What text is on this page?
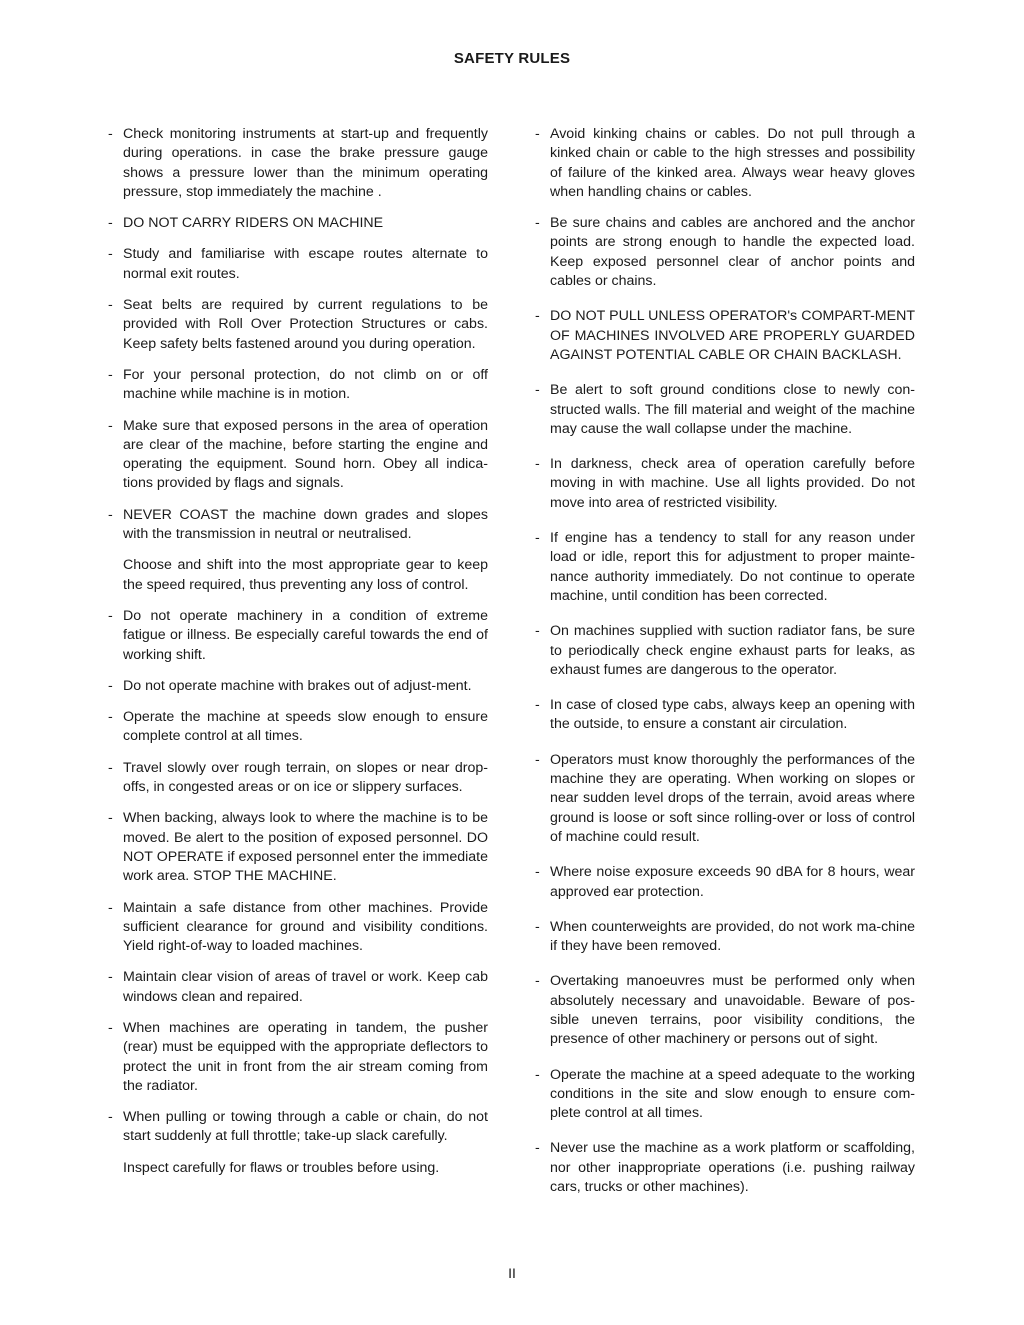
SAFETY RULES
- Check monitoring instruments at start-up and frequently during operations. in case the brake pressure gauge shows a pressure lower than the minimum operating pressure, stop immediately the machine .
- DO NOT CARRY RIDERS ON MACHINE
- Study and familiarise with escape routes alternate to normal exit routes.
- Seat belts are required by current regulations to be provided with Roll Over Protection Structures or cabs. Keep safety belts fastened around you during operation.
- For your personal protection, do not climb on or off machine while machine is in motion.
- Make sure that exposed persons in the area of operation are clear of the machine, before starting the engine and operating the equipment. Sound horn. Obey all indica-tions provided by flags and signals.
- NEVER COAST the machine down grades and slopes with the transmission in neutral or neutralised.
Choose and shift into the most appropriate gear to keep the speed required, thus preventing any loss of control.
- Do not operate machinery in a condition of extreme fatigue or illness. Be especially careful towards the end of working shift.
- Do not operate machine with brakes out of adjust-ment.
- Operate the machine at speeds slow enough to ensure complete control at all times.
- Travel slowly over rough terrain, on slopes or near drop-offs, in congested areas or on ice or slippery surfaces.
- When backing, always look to where the machine is to be moved. Be alert to the position of exposed personnel. DO NOT OPERATE if exposed personnel enter the immediate work area. STOP THE MACHINE.
- Maintain a safe distance from other machines. Provide sufficient clearance for ground and visibility conditions. Yield right-of-way to loaded machines.
- Maintain clear vision of areas of travel or work. Keep cab windows clean and repaired.
- When machines are operating in tandem, the pusher (rear) must be equipped with the appropriate deflectors to protect the unit in front from the air stream coming from the radiator.
- When pulling or towing through a cable or chain, do not start suddenly at full throttle; take-up slack carefully.
Inspect carefully for flaws or troubles before using.
- Avoid kinking chains or cables. Do not pull through a kinked chain or cable to the high stresses and possibility of failure of the kinked area. Always wear heavy gloves when handling chains or cables.
- Be sure chains and cables are anchored and the anchor points are strong enough to handle the expected load. Keep exposed personnel clear of anchor points and cables or chains.
- DO NOT PULL UNLESS OPERATOR's COMPART-MENT OF MACHINES INVOLVED ARE PROPERLY GUARDED AGAINST POTENTIAL CABLE OR CHAIN BACKLASH.
- Be alert to soft ground conditions close to newly con-structed walls. The fill material and weight of the machine may cause the wall collapse under the machine.
- In darkness, check area of operation carefully before moving in with machine. Use all lights provided. Do not move into area of restricted visibility.
- If engine has a tendency to stall for any reason under load or idle, report this for adjustment to proper mainte-nance authority immediately. Do not continue to operate machine, until condition has been corrected.
- On machines supplied with suction radiator fans, be sure to periodically check engine exhaust parts for leaks, as exhaust fumes are dangerous to the operator.
- In case of closed type cabs, always keep an opening with the outside, to ensure a constant air circulation.
- Operators must know thoroughly the performances of the machine they are operating. When working on slopes or near sudden level drops of the terrain, avoid areas where ground is loose or soft since rolling-over or loss of control of machine could result.
- Where noise exposure exceeds 90 dBA for 8 hours, wear approved ear protection.
- When counterweights are provided, do not work ma-chine if they have been removed.
- Overtaking manoeuvres must be performed only when absolutely necessary and unavoidable. Beware of pos-sible uneven terrains, poor visibility conditions, the presence of other machinery or persons out of sight.
- Operate the machine at a speed adequate to the working conditions in the site and slow enough to ensure com-plete control at all times.
- Never use the machine as a work platform or scaffolding, nor other inappropriate operations (i.e. pushing railway cars, trucks or other machines).
II
